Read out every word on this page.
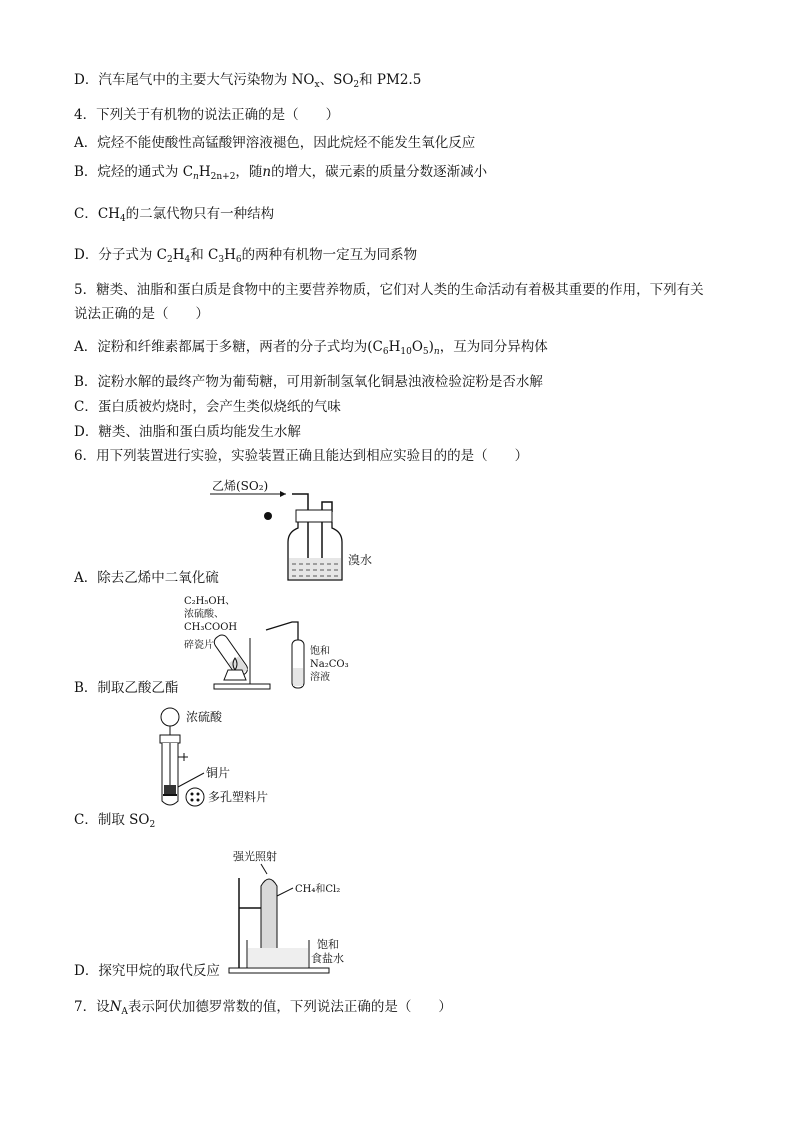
D．汽车尾气中的主要大气污染物为 $NO_x$、$SO_2$和 PM2.5
4．下列关于有机物的说法正确的是（　　）
A．烷烃不能使酸性高锰酸钾溶液褪色，因此烷烃不能发生氧化反应
B．烷烃的通式为 $C_nH_{2n+2}$，随n的增大，碳元素的质量分数逐渐减小
C．$CH_4$的二氯代物只有一种结构
D．分子式为 $C_2H_4$和 $C_3H_6$的两种有机物一定互为同系物
5．糖类、油脂和蛋白质是食物中的主要营养物质，它们对人类的生命活动有着极其重要的作用，下列有关
说法正确的是（　　）
A．淀粉和纤维素都属于多糖，两者的分子式均为$(C_6H_{10}O_5)_n$，互为同分异构体
B．淀粉水解的最终产物为葡萄糖，可用新制氢氧化铜悬浊液检验淀粉是否水解
C．蛋白质被灼烧时，会产生类似烧纸的气味
D．糖类、油脂和蛋白质均能发生水解
6．用下列装置进行实验，实验装置正确且能达到相应实验目的的是（　　）
乙烯(SO₂)
溴水
A．除去乙烯中二氧化硫
C₂H₅OH、
浓硫酸、
CH₃COOH
碎瓷片
饱和
Na₂CO₃
溶液
B．制取乙酸乙酯
浓硫酸
铜片
多孔塑料片
C．制取 $SO_2$
强光照射
CH₄和Cl₂
饱和
食盐水
D．探究甲烷的取代反应
7．设$N_A$表示阿伏加德罗常数的值，下列说法正确的是（　　）
